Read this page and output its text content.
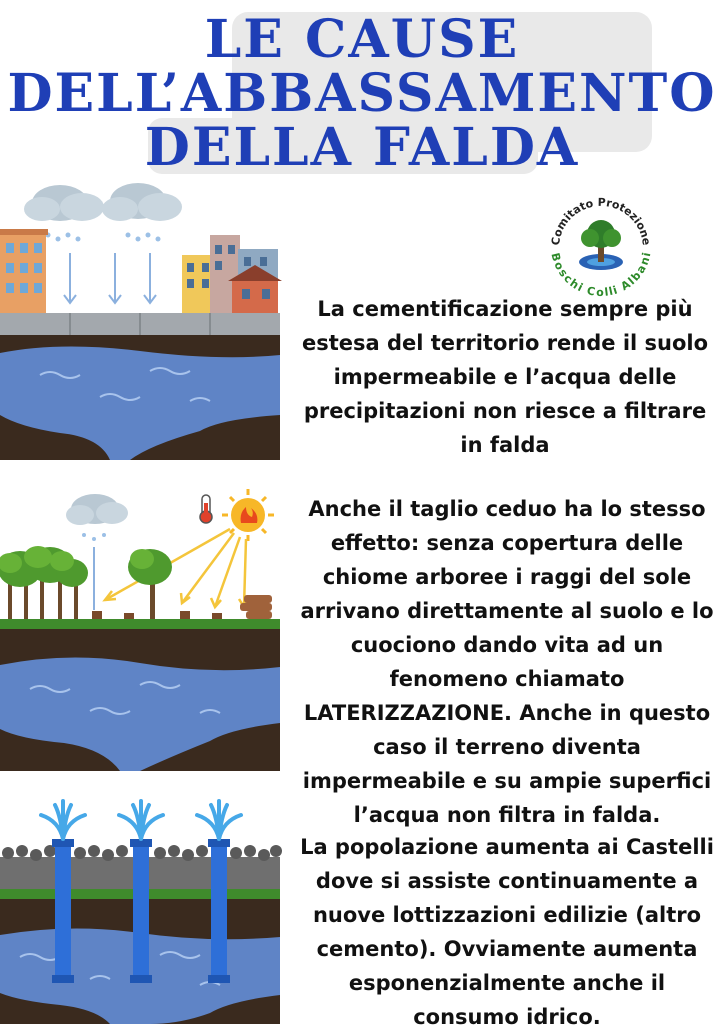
LE CAUSE
DELL’ABBASSAMENTO
DELLA FALDA
Comitato Protezione
Boschi Colli Albani
La cementificazione sempre più estesa del territorio rende il suolo impermeabile e l’acqua delle precipitazioni non riesce a filtrare in falda
Anche il taglio ceduo ha lo stesso effetto: senza copertura delle chiome arboree i raggi del sole arrivano direttamente al suolo e lo cuociono dando vita ad un fenomeno chiamato LATERIZZAZIONE. Anche in questo caso il terreno diventa impermeabile e su ampie superfici l’acqua non filtra in falda.
La popolazione aumenta ai Castelli dove si assiste continuamente a nuove lottizzazioni edilizie (altro cemento). Ovviamente aumenta esponenzialmente anche il consumo idrico.
